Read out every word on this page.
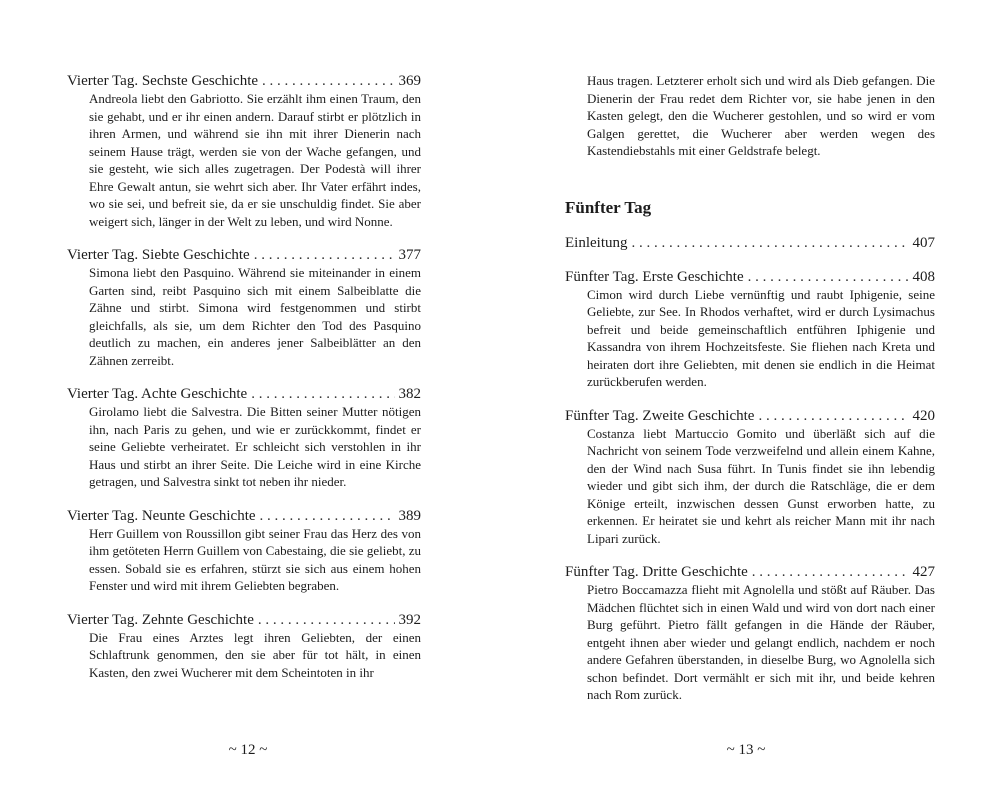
Vierter Tag. Sechste Geschichte . . .	369

Andreola liebt den Gabriotto. Sie erzählt ihm einen Traum, den sie gehabt, und er ihr einen andern. Darauf stirbt er plötzlich in ihren Armen, und während sie ihn mit ihrer Dienerin nach seinem Hause trägt, werden sie von der Wache gefangen, und sie gesteht, wie sich alles zugetragen. Der Podestà will ihrer Ehre Gewalt antun, sie wehrt sich aber. Ihr Vater erfährt indes, wo sie sei, und befreit sie, da er sie unschuldig findet. Sie aber weigert sich, länger in der Welt zu leben, und wird Nonne.

Vierter Tag. Siebte Geschichte . . .	377

Simona liebt den Pasquino. Während sie miteinander in einem Garten sind, reibt Pasquino sich mit einem Salbeiblatte die Zähne und stirbt. Simona wird festgenommen und stirbt gleichfalls, als sie, um dem Richter den Tod des Pasquino deutlich zu machen, ein anderes jener Salbeiblätter an den Zähnen zerreibt.

Vierter Tag. Achte Geschichte . . .	382

Girolamo liebt die Salvestra. Die Bitten seiner Mutter nötigen ihn, nach Paris zu gehen, und wie er zurückkommt, findet er seine Geliebte verheiratet. Er schleicht sich verstohlen in ihr Haus und stirbt an ihrer Seite. Die Leiche wird in eine Kirche getragen, und Salvestra sinkt tot neben ihr nieder.

Vierter Tag. Neunte Geschichte . . .	389

Herr Guillem von Roussillon gibt seiner Frau das Herz des von ihm getöteten Herrn Guillem von Cabestaing, die sie geliebt, zu essen. Sobald sie es erfahren, stürzt sie sich aus einem hohen Fenster und wird mit ihrem Geliebten begraben.

Vierter Tag. Zehnte Geschichte . . .	392

Die Frau eines Arztes legt ihren Geliebten, der einen Schlaftrunk genommen, den sie aber für tot hält, in einen Kasten, den zwei Wucherer mit dem Scheintoten in ihr

~ 12 ~

Haus tragen. Letzterer erholt sich und wird als Dieb gefangen. Die Dienerin der Frau redet dem Richter vor, sie habe jenen in den Kasten gelegt, den die Wucherer gestohlen, und so wird er vom Galgen gerettet, die Wucherer aber werden wegen des Kastendiebstahls mit einer Geldstrafe belegt.

Fünfter Tag
Einleitung . . .	407
Fünfter Tag. Erste Geschichte . . .	408

Cimon wird durch Liebe vernünftig und raubt Iphigenie, seine Geliebte, zur See. In Rhodos verhaftet, wird er durch Lysimachus befreit und beide gemeinschaftlich entführen Iphigenie und Kassandra von ihrem Hochzeitsfeste. Sie fliehen nach Kreta und heiraten dort ihre Geliebten, mit denen sie endlich in die Heimat zurückberufen werden.

Fünfter Tag. Zweite Geschichte . . .	420

Costanza liebt Martuccio Gomito und überläßt sich auf die Nachricht von seinem Tode verzweifelnd und allein einem Kahne, den der Wind nach Susa führt. In Tunis findet sie ihn lebendig wieder und gibt sich ihm, der durch die Ratschläge, die er dem Könige erteilt, inzwischen dessen Gunst erworben hatte, zu erkennen. Er heiratet sie und kehrt als reicher Mann mit ihr nach Lipari zurück.

Fünfter Tag. Dritte Geschichte . . .	427

Pietro Boccamazza flieht mit Agnolella und stößt auf Räuber. Das Mädchen flüchtet sich in einen Wald und wird von dort nach einer Burg geführt. Pietro fällt gefangen in die Hände der Räuber, entgeht ihnen aber wieder und gelangt endlich, nachdem er noch andere Gefahren überstanden, in dieselbe Burg, wo Agnolella sich schon befindet. Dort vermählt er sich mit ihr, und beide kehren nach Rom zurück.

~ 13 ~
